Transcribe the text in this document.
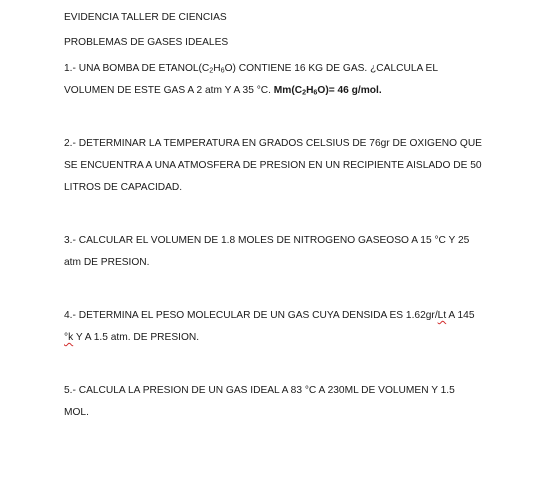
EVIDENCIA TALLER DE CIENCIAS

PROBLEMAS DE GASES IDEALES

1.- UNA BOMBA DE $ETANOL(C_2H_6O)$ CONTIENE 16 KG DE GAS. ¿CALCULA EL

VOLUMEN DE ESTE GAS A 2 atm Y A 35 °C. $Mm(C_2H_6O)= 46$ g/mol.

2.- DETERMINAR LA TEMPERATURA EN GRADOS CELSIUS DE 76gr DE OXIGENO QUE

SE ENCUENTRA A UNA ATMOSFERA DE PRESION EN UN RECIPIENTE AISLADO DE 50

LITROS DE CAPACIDAD.

3.- CALCULAR EL VOLUMEN DE 1.8 MOLES DE NITROGENO GASEOSO A 15 °C Y 25

atm DE PRESION.

4.- DETERMINA EL PESO MOLECULAR DE UN GAS CUYA DENSIDA ES 1.62gr/Lt A 145

°k Y A 1.5 atm. DE PRESION.

5.- CALCULA LA PRESION DE UN GAS IDEAL A 83 °C A 230ML DE VOLUMEN Y 1.5

MOL.
